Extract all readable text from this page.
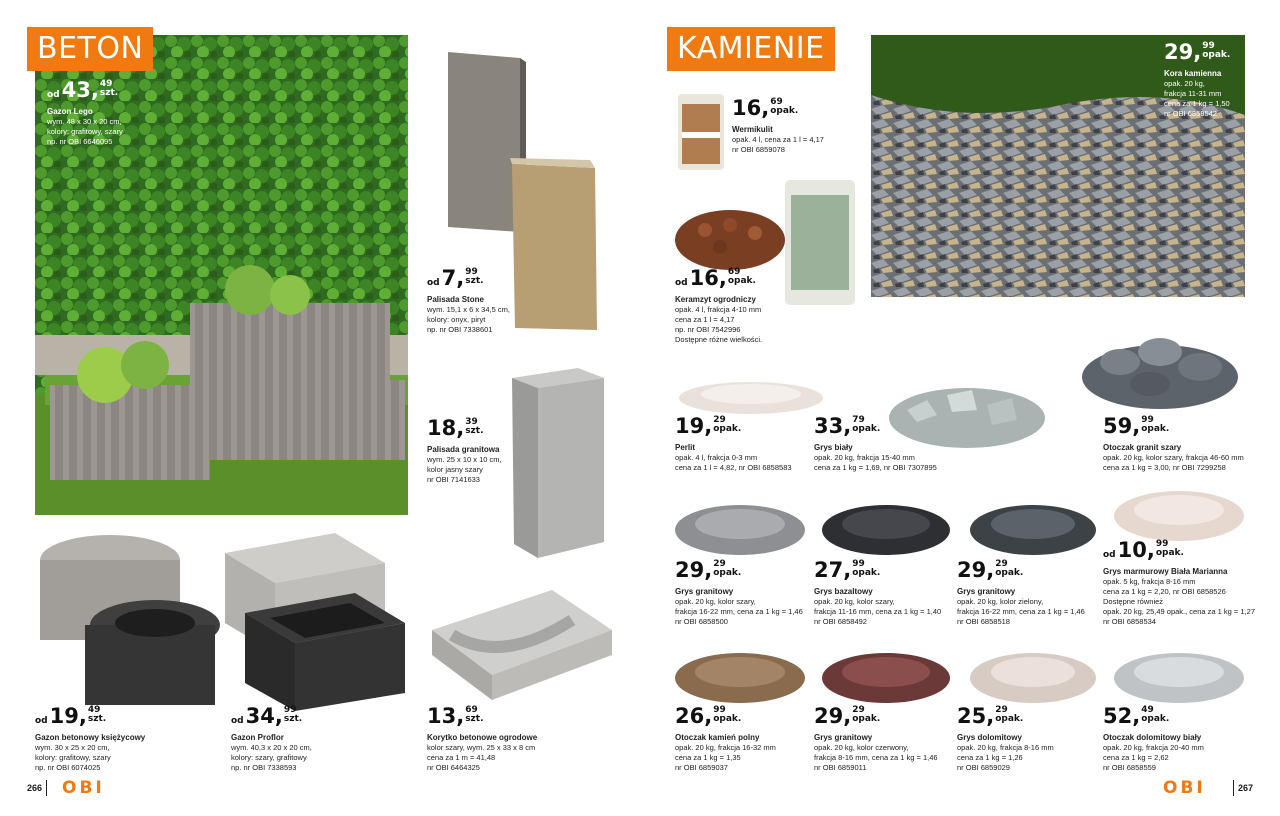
BETON
od43, 49
szt.
Gazon Lego
wym. 48 x 30 x 20 cm,
kolory: grafitowy, szary
np. nr OBI 6646095
od7, 99
szt.
Palisada Stone
wym. 15,1 x 6 x 34,5 cm,
kolory: onyx, piryt
np. nr OBI 7338601
18, 39
szt.
Palisada granitowa
wym. 25 x 10 x 10 cm,
kolor jasny szary
nr OBI 7141633
od19, 49
szt.
Gazon betonowy księżycowy
wym. 30 x 25 x 20 cm,
kolory: grafitowy, szary
np. nr OBI 6074025
od34, 99
szt.
Gazon Proflor
wym. 40,3 x 20 x 20 cm,
kolory: szary, grafitowy
np. nr OBI 7338593
13, 69
szt.
Korytko betonowe ogrodowe
kolor szary, wym. 25 x 33 x 8 cm
cena za 1 m = 41,48
nr OBI 6464325
266 OBI
KAMIENIE
16, 69
opak.
Wermikulit
opak. 4 l, cena za 1 l = 4,17
nr OBI 6859078
od16, 69
opak.
Keramzyt ogrodniczy
opak. 4 l, frakcja 4-10 mm
cena za 1 l = 4,17
np. nr OBI 7542996
Dostępne różne wielkości.
29, 99
opak.
Kora kamienna
opak. 20 kg,
frakcja 11-31 mm
cena za 1 kg = 1,50
nr OBI 6858542
19, 29
opak.
Perlit
opak. 4 l, frakcja 0-3 mm
cena za 1 l = 4,82, nr OBI 6858583
33, 79
opak.
Grys biały
opak. 20 kg, frakcja 15-40 mm
cena za 1 kg = 1,69, nr OBI 7307895
59, 99
opak.
Otoczak granit szary
opak. 20 kg, kolor szary, frakcja 46-60 mm
cena za 1 kg = 3,00, nr OBI 7299258
29, 29
opak.
Grys granitowy
opak. 20 kg, kolor szary,
frakcja 16-22 mm, cena za 1 kg = 1,46
nr OBI 6858500
27, 99
opak.
Grys bazaltowy
opak. 20 kg, kolor szary,
frakcja 11-16 mm, cena za 1 kg = 1,40
nr OBI 6858492
29, 29
opak.
Grys granitowy
opak. 20 kg, kolor zielony,
frakcja 16-22 mm, cena za 1 kg = 1,46
nr OBI 6858518
od10, 99
opak.
Grys marmurowy Biała Marianna
opak. 5 kg, frakcja 8-16 mm
cena za 1 kg = 2,20, nr OBI 6858526
Dostępne również
opak. 20 kg, 25,49 opak., cena za 1 kg = 1,27
nr OBI 6858534
26, 99
opak.
Otoczak kamień polny
opak. 20 kg, frakcja 16-32 mm
cena za 1 kg = 1,35
nr OBI 6859037
29, 29
opak.
Grys granitowy
opak. 20 kg, kolor czerwony,
frakcja 8-16 mm, cena za 1 kg = 1,46
nr OBI 6859011
25, 29
opak.
Grys dolomitowy
opak. 20 kg, frakcja 8-16 mm
cena za 1 kg = 1,26
nr OBI 6859029
52, 49
opak.
Otoczak dolomitowy biały
opak. 20 kg, frakcja 20-40 mm
cena za 1 kg = 2,62
nr OBI 6858559
OBI	267
